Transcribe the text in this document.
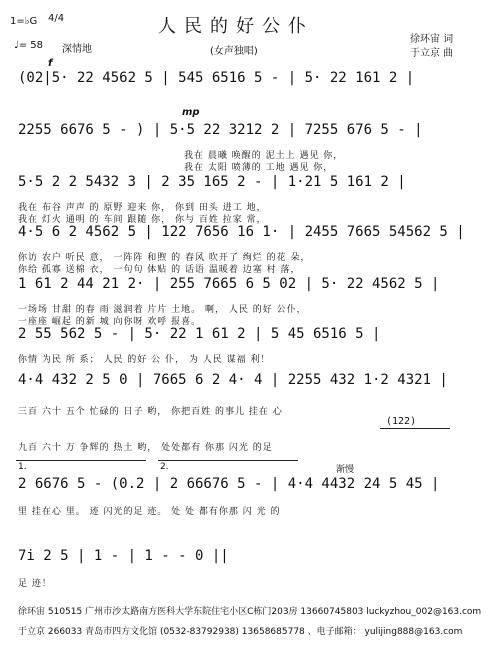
1=♭G 4/4
♩= 58 深情地
人民的好公仆
(女声独唱)
徐环宙 词
于立京 曲
f
(02|5· 22 4562 5 | 545 6516 5 - | 5· 22 161 2 |
mp
2255 6676 5 - ) | 5·5 22 3212 2 | 7255 676 5 - |
我在 晨曦 唤醒的 泥土上 遇见 你，
我在 太阳 喷薄的 工地 遇见 你，
5·5 2 2 5432 3 | 2 35 165 2 - | 1·21 5 161 2 |
我在 布谷 声声 的 原野 迎来 你， 你到 田头 进工 地，
我在 灯火 通明 的 车间 跟随 你， 你与 百姓 拉家 常，
4·5 6 2 4562 5 | 122 7656 16 1· | 2455 7665 54562 5 |
你访 农户 听民 意， 一阵阵 和煦 的 春风 吹开了 绚烂 的花 朵，
你给 孤寡 送棉 衣， 一句句 体贴 的 话语 温暖着 边塞 村 落，
1 61 2 44 21 2· | 255 7665 6 5 02 | 5· 22 4562 5 |
一场场 甘甜 的春 雨 滋润着 片片 土地。 啊， 人民 的好 公仆，
一座座 崛起 的新 城 向你呀 欢呼 报喜。
2 55 562 5 - | 5· 22 1 61 2 | 5 45 6516 5 |
你情 为民 所 系； 人民 的好 公 仆， 为 人民 谋福 利！
4·4 432 2 5 0 | 7665 6 2 4· 4 | 2255 432 1·2 4321 |
三百 六十 五个 忙碌的 日子 哟， 你把百姓 的事儿 挂在 心
(122)
九百 六十 万 争辉的 热土 哟， 处处都有 你那 闪光 的足
1.	2.	渐慢
2 6676 5 - (0.2 | 2 66676 5 - | 4·4 4432 24 5 45 |
里 挂在心 里。 迹 闪光的足 迹。 处 处 都有你那 闪 光 的
7i 2 5 | 1 - | 1 - - 0 ||
足 迹！
徐环宙 510515 广州市沙太路南方医科大学东院住宅小区C栋门203房 13660745803 luckyzhou_002@163.com
于立京 266033 青岛市四方文化馆 (0532-83792938) 13658685778 、电子邮箱： yulijing888@163.com
